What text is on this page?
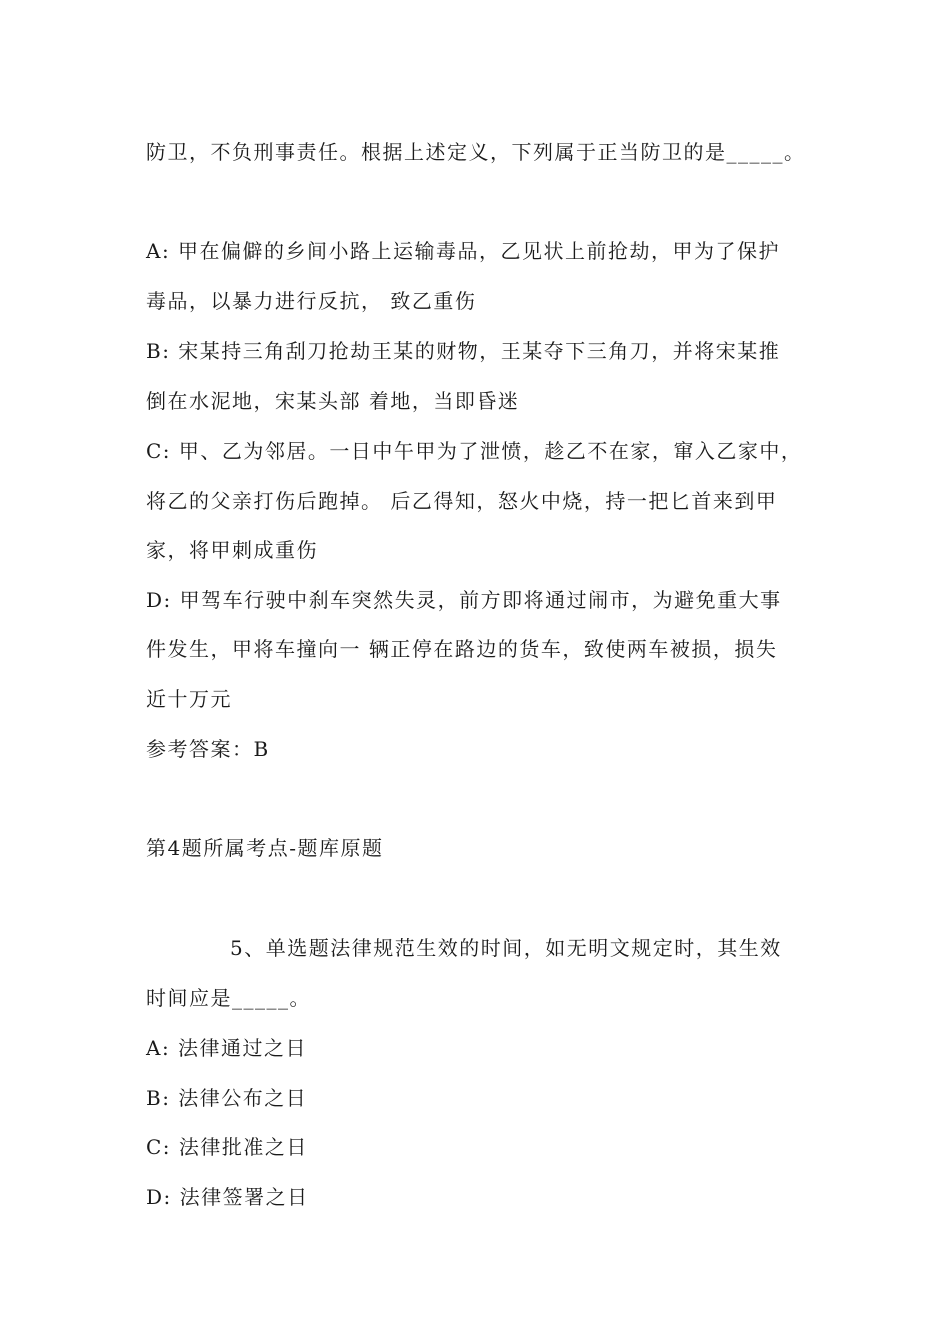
防卫，不负刑事责任。根据上述定义，下列属于正当防卫的是_____。
A: 甲在偏僻的乡间小路上运输毒品，乙见状上前抢劫，甲为了保护
毒品，以暴力进行反抗， 致乙重伤
B: 宋某持三角刮刀抢劫王某的财物，王某夺下三角刀，并将宋某推
倒在水泥地，宋某头部 着地，当即昏迷
C: 甲、乙为邻居。一日中午甲为了泄愤，趁乙不在家，窜入乙家中，
将乙的父亲打伤后跑掉。 后乙得知，怒火中烧，持一把匕首来到甲
家，将甲刺成重伤
D: 甲驾车行驶中刹车突然失灵，前方即将通过闹市，为避免重大事
件发生，甲将车撞向一 辆正停在路边的货车，致使两车被损，损失
近十万元
参考答案：B
第4题所属考点-题库原题
5、单选题法律规范生效的时间，如无明文规定时，其生效
时间应是_____。
A: 法律通过之日
B: 法律公布之日
C: 法律批准之日
D: 法律签署之日
